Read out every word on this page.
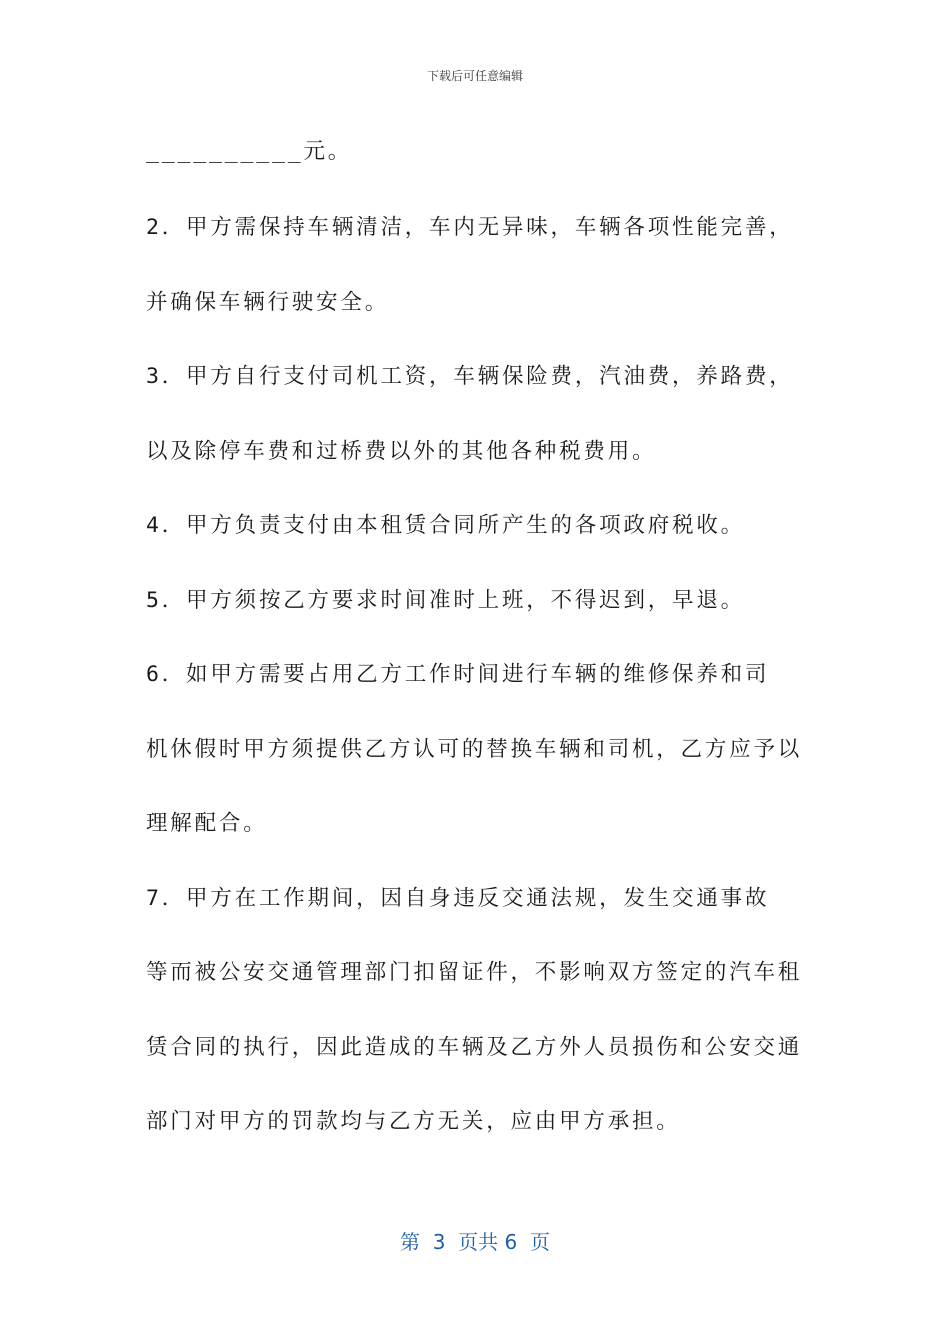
下载后可任意编辑
__________元。
2．甲方需保持车辆清洁，车内无异味，车辆各项性能完善，
并确保车辆行驶安全。
3．甲方自行支付司机工资，车辆保险费，汽油费，养路费，
以及除停车费和过桥费以外的其他各种税费用。
4．甲方负责支付由本租赁合同所产生的各项政府税收。
5．甲方须按乙方要求时间准时上班，不得迟到，早退。
6．如甲方需要占用乙方工作时间进行车辆的维修保养和司
机休假时甲方须提供乙方认可的替换车辆和司机，乙方应予以
理解配合。
7．甲方在工作期间，因自身违反交通法规，发生交通事故
等而被公安交通管理部门扣留证件，不影响双方签定的汽车租
赁合同的执行，因此造成的车辆及乙方外人员损伤和公安交通
部门对甲方的罚款均与乙方无关，应由甲方承担。
第  3  页共 6  页
